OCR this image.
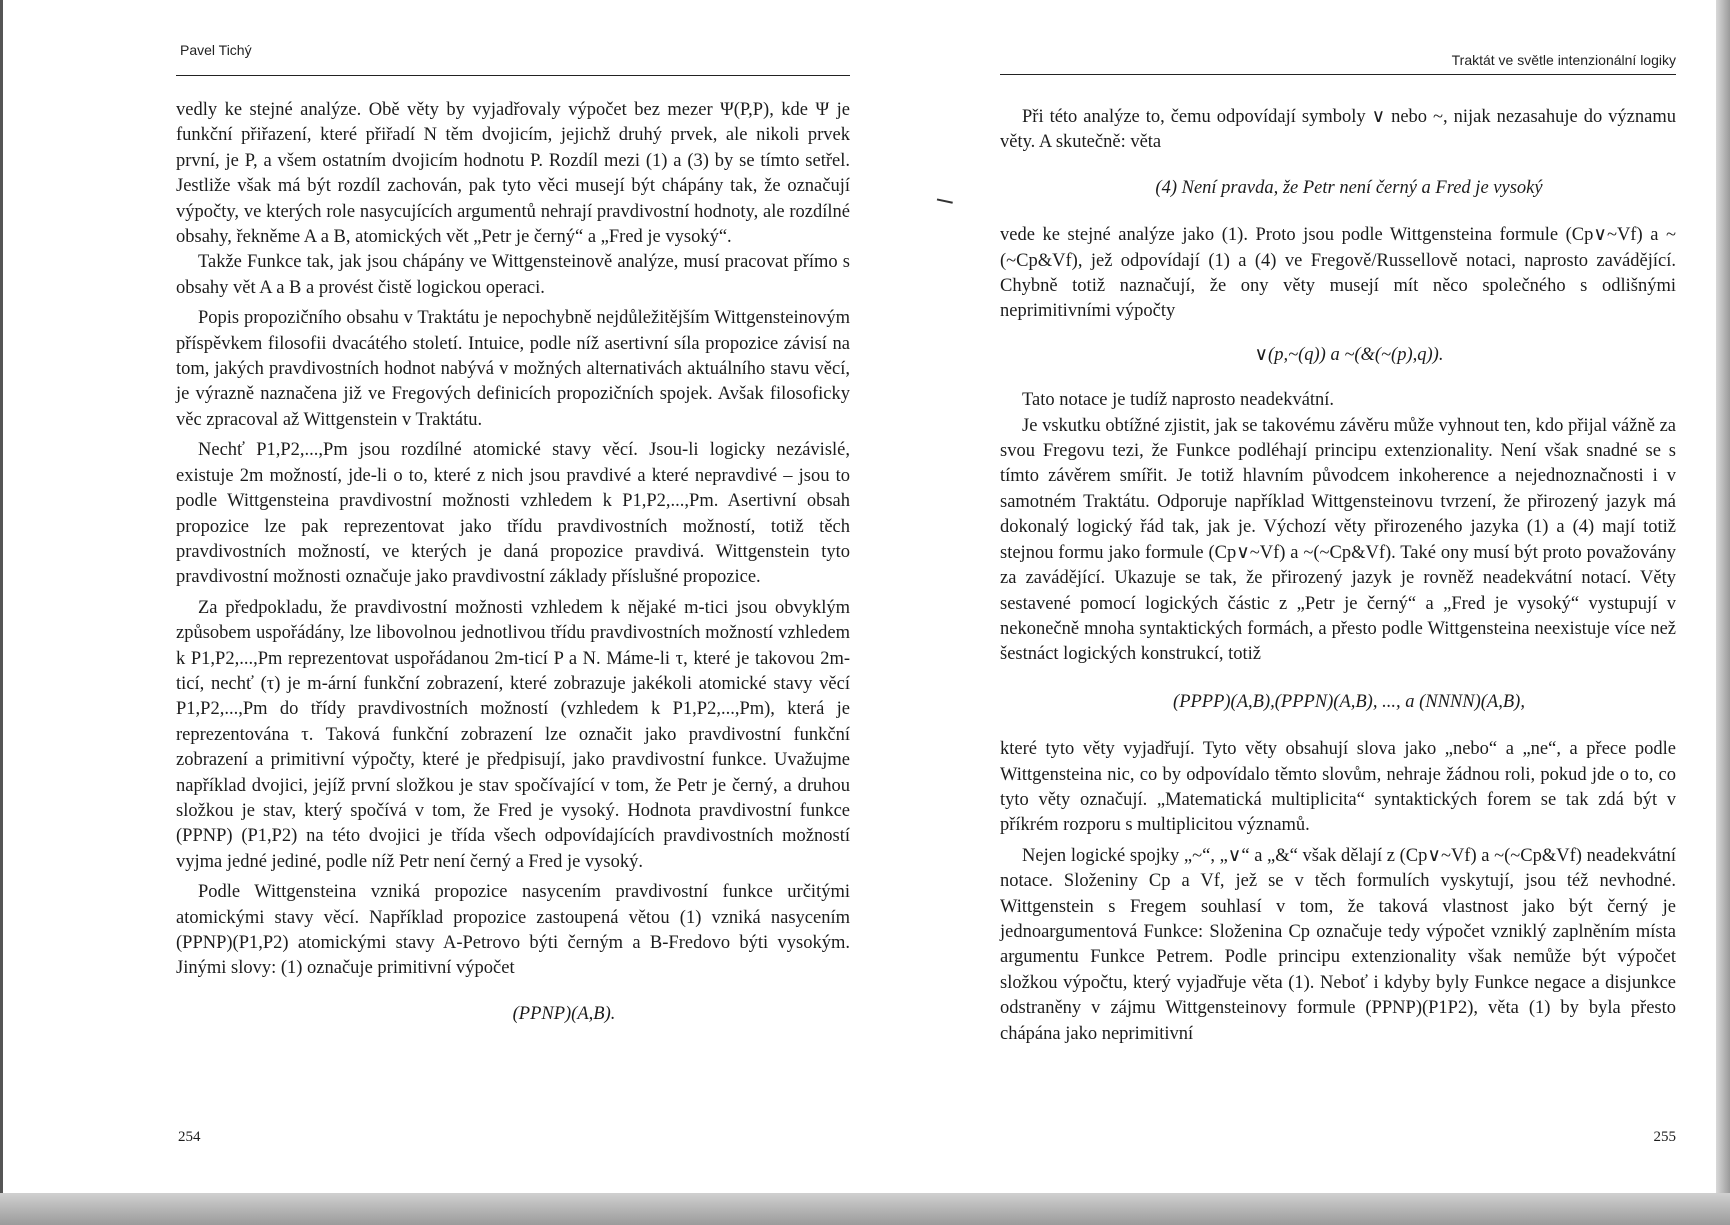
Pavel Tichý

vedly ke stejné analýze. Obě věty by vyjadřovaly výpočet bez mezer Ψ(P,P), kde Ψ je funkční přiřazení, které přiřadí N těm dvojicím, jejichž druhý prvek, ale nikoli prvek první, je P, a všem ostatním dvojicím hodnotu P. Rozdíl mezi (1) a (3) by se tímto setřel. Jestliže však má být rozdíl zachován, pak tyto věci musejí být chápány tak, že označují výpočty, ve kterých role nasycujících argumentů nehrají pravdivostní hodnoty, ale rozdílné obsahy, řekněme A a B, atomických vět „Petr je černý“ a „Fred je vysoký“.

Takže Funkce tak, jak jsou chápány ve Wittgensteinově analýze, musí pracovat přímo s obsahy vět A a B a provést čistě logickou operaci.

Popis propozičního obsahu v Traktátu je nepochybně nejdůležitějším Wittgensteinovým příspěvkem filosofii dvacátého století. Intuice, podle níž asertivní síla propozice závisí na tom, jakých pravdivostních hodnot nabývá v možných alternativách aktuálního stavu věcí, je výrazně naznačena již ve Fregových definicích propozičních spojek. Avšak filosoficky věc zpracoval až Wittgenstein v Traktátu.

Nechť P1,P2,...,Pm jsou rozdílné atomické stavy věcí. Jsou-li logicky nezávislé, existuje 2m možností, jde-li o to, které z nich jsou pravdivé a které nepravdivé – jsou to podle Wittgensteina pravdivostní možnosti vzhledem k P1,P2,...,Pm. Asertivní obsah propozice lze pak reprezentovat jako třídu pravdivostních možností, totiž těch pravdivostních možností, ve kterých je daná propozice pravdivá. Wittgenstein tyto pravdivostní možnosti označuje jako pravdivostní základy příslušné propozice.

Za předpokladu, že pravdivostní možnosti vzhledem k nějaké m-tici jsou obvyklým způsobem uspořádány, lze libovolnou jednotlivou třídu pravdivostních možností vzhledem k P1,P2,...,Pm reprezentovat uspořádanou 2m-ticí P a N. Máme-li τ, které je takovou 2m-ticí, nechť (τ) je m-ární funkční zobrazení, které zobrazuje jakékoli atomické stavy věcí P1,P2,...,Pm do třídy pravdivostních možností (vzhledem k P1,P2,...,Pm), která je reprezentována τ. Taková funkční zobrazení lze označit jako pravdivostní funkční zobrazení a primitivní výpočty, které je předpisují, jako pravdivostní funkce. Uvažujme například dvojici, jejíž první složkou je stav spočívající v tom, že Petr je černý, a druhou složkou je stav, který spočívá v tom, že Fred je vysoký. Hodnota pravdivostní funkce (PPNP) (P1,P2) na této dvojici je třída všech odpovídajících pravdivostních možností vyjma jedné jediné, podle níž Petr není černý a Fred je vysoký.

Podle Wittgensteina vzniká propozice nasycením pravdivostní funkce určitými atomickými stavy věcí. Například propozice zastoupená větou (1) vzniká nasycením (PPNP)(P1,P2) atomickými stavy A-Petrovo býti černým a B-Fredovo býti vysokým. Jinými slovy: (1) označuje primitivní výpočet

(PPNP)(A,B).

254
Traktát ve světle intenzionální logiky

Při této analýze to, čemu odpovídají symboly ∨ nebo ~, nijak nezasahuje do významu věty. A skutečně: věta

(4) Není pravda, že Petr není černý a Fred je vysoký

vede ke stejné analýze jako (1). Proto jsou podle Wittgensteina formule (Cp∨~Vf) a ~(~Cp&Vf), jež odpovídají (1) a (4) ve Fregově/Russellově notaci, naprosto zavádějící. Chybně totiž naznačují, že ony věty musejí mít něco společného s odlišnými neprimitivními výpočty

∨(p,~(q)) a ~(&(~(p),q)).

Tato notace je tudíž naprosto neadekvátní.

Je vskutku obtížné zjistit, jak se takovému závěru může vyhnout ten, kdo přijal vážně za svou Fregovu tezi, že Funkce podléhají principu extenzionality. Není však snadné se s tímto závěrem smířit. Je totiž hlavním původcem inkoherence a nejednoznačnosti i v samotném Traktátu. Odporuje například Wittgensteinovu tvrzení, že přirozený jazyk má dokonalý logický řád tak, jak je. Výchozí věty přirozeného jazyka (1) a (4) mají totiž stejnou formu jako formule (Cp∨~Vf) a ~(~Cp&Vf). Také ony musí být proto považovány za zavádějící. Ukazuje se tak, že přirozený jazyk je rovněž neadekvátní notací. Věty sestavené pomocí logických částic z „Petr je černý“ a „Fred je vysoký“ vystupují v nekonečně mnoha syntaktických formách, a přesto podle Wittgensteina neexistuje více než šestnáct logických konstrukcí, totiž

(PPPP)(A,B),(PPPN)(A,B), ..., a (NNNN)(A,B),

které tyto věty vyjadřují. Tyto věty obsahují slova jako „nebo“ a „ne“, a přece podle Wittgensteina nic, co by odpovídalo těmto slovům, nehraje žádnou roli, pokud jde o to, co tyto věty označují. „Matematická multiplicita“ syntaktických forem se tak zdá být v příkrém rozporu s multiplicitou významů.

Nejen logické spojky „~“, „∨“ a „&“ však dělají z (Cp∨~Vf) a ~(~Cp&Vf) neadekvátní notace. Složeniny Cp a Vf, jež se v těch formulích vyskytují, jsou též nevhodné. Wittgenstein s Fregem souhlasí v tom, že taková vlastnost jako být černý je jednoargumentová Funkce: Složenina Cp označuje tedy výpočet vzniklý zaplněním místa argumentu Funkce Petrem. Podle principu extenzionality však nemůže být výpočet složkou výpočtu, který vyjadřuje věta (1). Neboť i kdyby byly Funkce negace a disjunkce odstraněny v zájmu Wittgensteinovy formule (PPNP)(P1P2), věta (1) by byla přesto chápána jako neprimitivní

255
